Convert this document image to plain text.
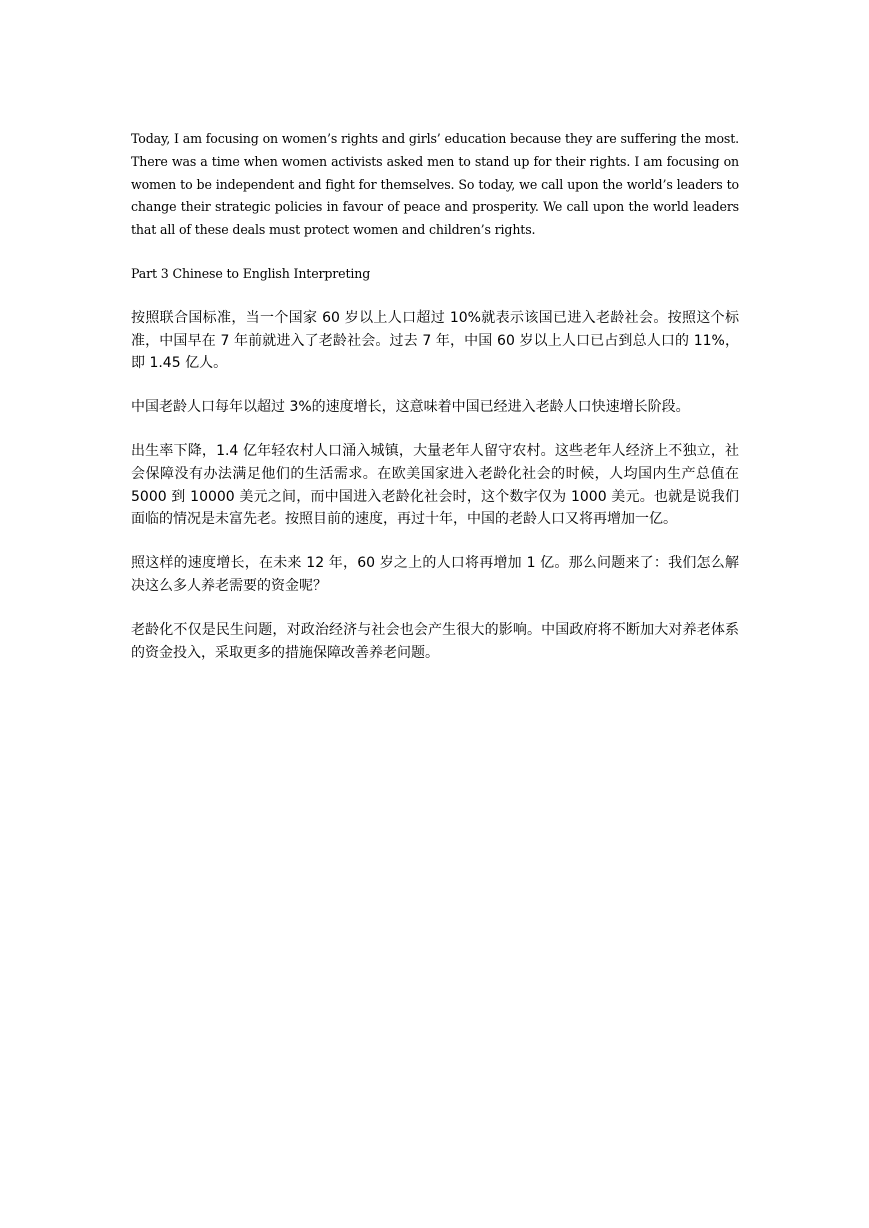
Today, I am focusing on women’s rights and girls’ education because they are suffering the most. There was a time when women activists asked men to stand up for their rights. I am focusing on women to be independent and fight for themselves. So today, we call upon the world’s leaders to change their strategic policies in favour of peace and prosperity. We call upon the world leaders that all of these deals must protect women and children’s rights.

Part 3 Chinese to English Interpreting

按照联合国标准，当一个国家 60 岁以上人口超过 10%就表示该国已进入老龄社会。按照这个标准，中国早在 7 年前就进入了老龄社会。过去 7 年，中国 60 岁以上人口已占到总人口的 11%，即 1.45 亿人。

中国老龄人口每年以超过 3%的速度增长，这意味着中国已经进入老龄人口快速增长阶段。

出生率下降，1.4 亿年轻农村人口涌入城镇，大量老年人留守农村。这些老年人经济上不独立，社会保障没有办法满足他们的生活需求。在欧美国家进入老龄化社会的时候，人均国内生产总值在 5000 到 10000 美元之间，而中国进入老龄化社会时，这个数字仅为 1000 美元。也就是说我们面临的情况是未富先老。按照目前的速度，再过十年，中国的老龄人口又将再增加一亿。

照这样的速度增长，在未来 12 年，60 岁之上的人口将再增加 1 亿。那么问题来了：我们怎么解决这么多人养老需要的资金呢？

老龄化不仅是民生问题，对政治经济与社会也会产生很大的影响。中国政府将不断加大对养老体系的资金投入，采取更多的措施保障改善养老问题。
